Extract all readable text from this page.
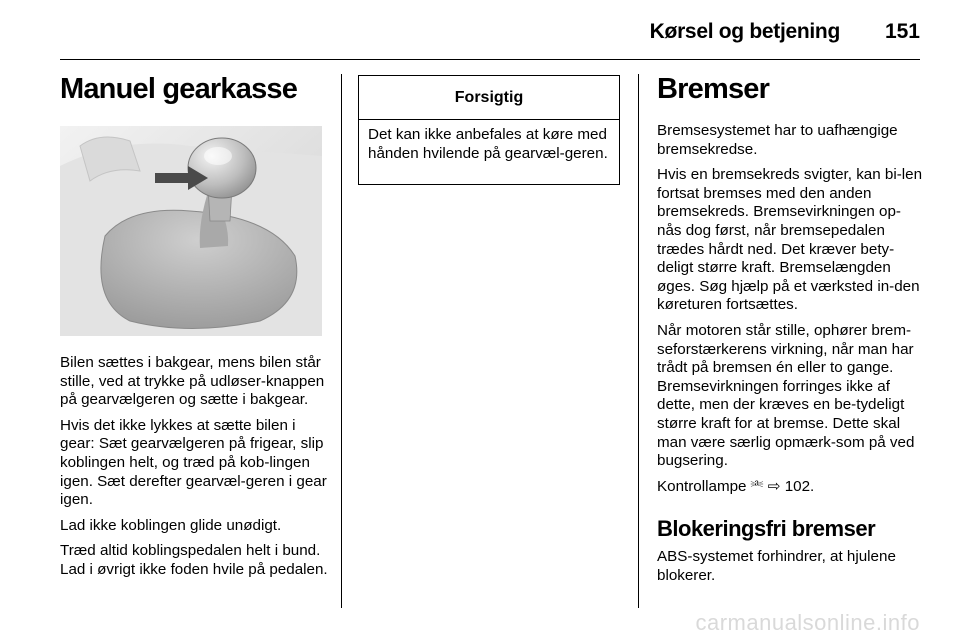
Kørsel og betjening 151
Manuel gearkasse

Bilen sættes i bakgear, mens bilen står stille, ved at trykke på udløser-knappen på gearvælgeren og sætte i bakgear.

Hvis det ikke lykkes at sætte bilen i gear: Sæt gearvælgeren på frigear, slip koblingen helt, og træd på kob-lingen igen. Sæt derefter gearvæl-geren i gear igen.

Lad ikke koblingen glide unødigt.

Træd altid koblingspedalen helt i bund. Lad i øvrigt ikke foden hvile på pedalen.

Forsigtig
Det kan ikke anbefales at køre med hånden hvilende på gearvæl-geren.
Bremser

Bremsesystemet har to uafhængige bremsekredse.

Hvis en bremsekreds svigter, kan bi-len fortsat bremses med den anden bremsekreds. Bremsevirkningen op-nås dog først, når bremsepedalen trædes hårdt ned. Det kræver bety-deligt større kraft. Bremselængden øges. Søg hjælp på et værksted in-den køreturen fortsættes.

Når motoren står stille, ophører brem-seforstærkerens virkning, når man har trådt på bremsen én eller to gange. Bremsevirkningen forringes ikke af dette, men der kræves en be-tydeligt større kraft for at bremse. Dette skal man være særlig opmærk-som på ved bugsering.

Kontrollampe ⎃ ⇨ 102.

Blokeringsfri bremser

ABS-systemet forhindrer, at hjulene blokerer.

carmanualsonline.info
